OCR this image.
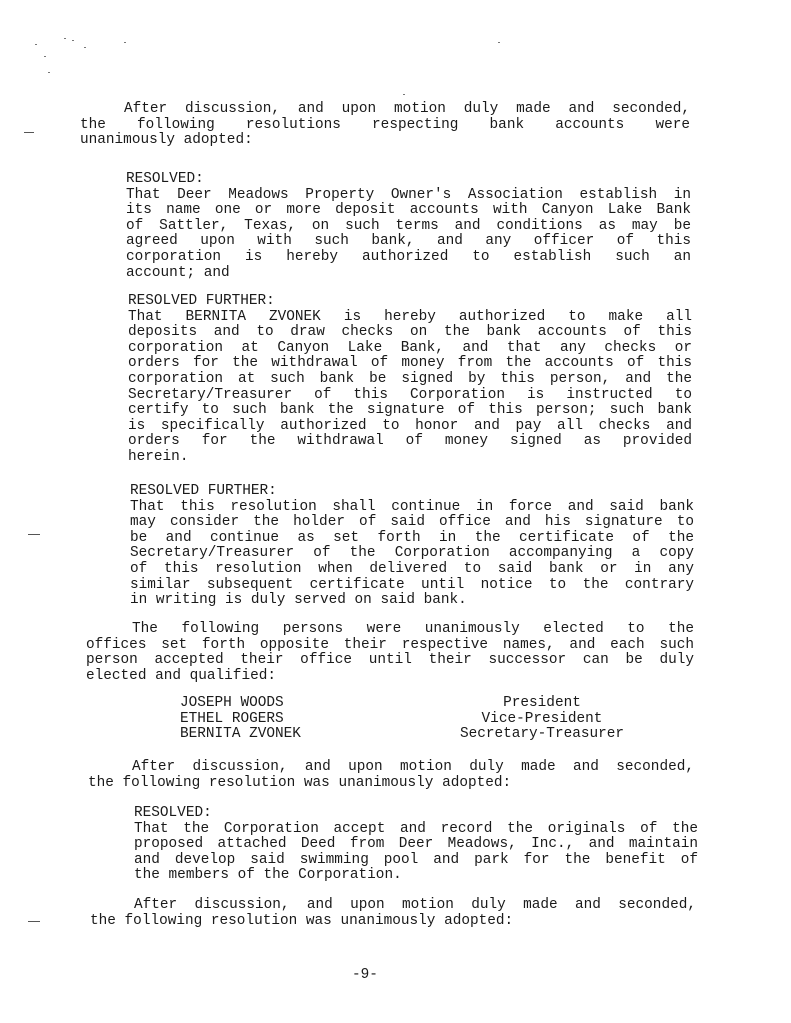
After discussion, and upon motion duly made and seconded,
the following resolutions respecting bank accounts were
unanimously adopted:
RESOLVED:
That Deer Meadows Property Owner's Association establish in
its name one or more deposit accounts with Canyon Lake Bank
of Sattler, Texas, on such terms and conditions as may be
agreed upon with such bank, and any officer of this
corporation is hereby authorized to establish such an
account; and
RESOLVED FURTHER:
That BERNITA ZVONEK is hereby authorized to make all
deposits and to draw checks on the bank accounts of this
corporation at Canyon Lake Bank, and that any checks or
orders for the withdrawal of money from the accounts of this
corporation at such bank be signed by this person, and the
Secretary/Treasurer of this Corporation is instructed to
certify to such bank the signature of this person; such bank
is specifically authorized to honor and pay all checks and
orders for the withdrawal of money signed as provided
herein.
RESOLVED FURTHER:
That this resolution shall continue in force and said bank
may consider the holder of said office and his signature to
be and continue as set forth in the certificate of the
Secretary/Treasurer of the Corporation accompanying a copy
of this resolution when delivered to said bank or in any
similar subsequent certificate until notice to the contrary
in writing is duly served on said bank.
The following persons were unanimously elected to the
offices set forth opposite their respective names, and each such
person accepted their office until their successor can be duly
elected and qualified:
JOSEPH WOODS	President
ETHEL ROGERS	Vice-President
BERNITA ZVONEK	Secretary-Treasurer
After discussion, and upon motion duly made and seconded,
the following resolution was unanimously adopted:
RESOLVED:
That the Corporation accept and record the originals of the
proposed attached Deed from Deer Meadows, Inc., and maintain
and develop said swimming pool and park for the benefit of
the members of the Corporation.
After discussion, and upon motion duly made and seconded,
the following resolution was unanimously adopted:
-9-
